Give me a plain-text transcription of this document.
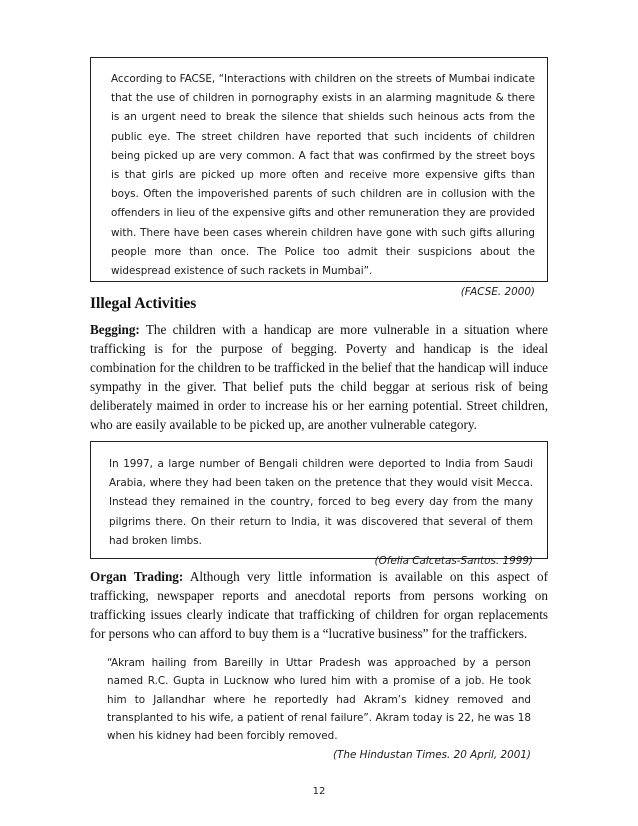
According to FACSE, “Interactions with children on the streets of Mumbai indicate that the use of children in pornography exists in an alarming magnitude & there is an urgent need to break the silence that shields such heinous acts from the public eye. The street children have reported that such incidents of children being picked up are very common. A fact that was confirmed by the street boys is that girls are picked up more often and receive more expensive gifts than boys. Often the impoverished parents of such children are in collusion with the offenders in lieu of the expensive gifts and other remuneration they are provided with. There have been cases wherein children have gone with such gifts alluring people more than once. The Police too admit their suspicions about the widespread existence of such rackets in Mumbai”.

(FACSE. 2000)

Illegal Activities

Begging: The children with a handicap are more vulnerable in a situation where trafficking is for the purpose of begging. Poverty and handicap is the ideal combination for the children to be trafficked in the belief that the handicap will induce sympathy in the giver. That belief puts the child beggar at serious risk of being deliberately maimed in order to increase his or her earning potential. Street children, who are easily available to be picked up, are another vulnerable category.

In 1997, a large number of Bengali children were deported to India from Saudi Arabia, where they had been taken on the pretence that they would visit Mecca. Instead they remained in the country, forced to beg every day from the many pilgrims there. On their return to India, it was discovered that several of them had broken limbs.

(Ofelia Calcetas-Santos. 1999)

Organ Trading: Although very little information is available on this aspect of trafficking, newspaper reports and anecdotal reports from persons working on trafficking issues clearly indicate that trafficking of children for organ replacements for persons who can afford to buy them is a “lucrative business” for the traffickers.

“Akram hailing from Bareilly in Uttar Pradesh was approached by a person named R.C. Gupta in Lucknow who lured him with a promise of a job. He took him to Jallandhar where he reportedly had Akram’s kidney removed and transplanted to his wife, a patient of renal failure”. Akram today is 22, he was 18 when his kidney had been forcibly removed.

(The Hindustan Times. 20 April, 2001)

12
